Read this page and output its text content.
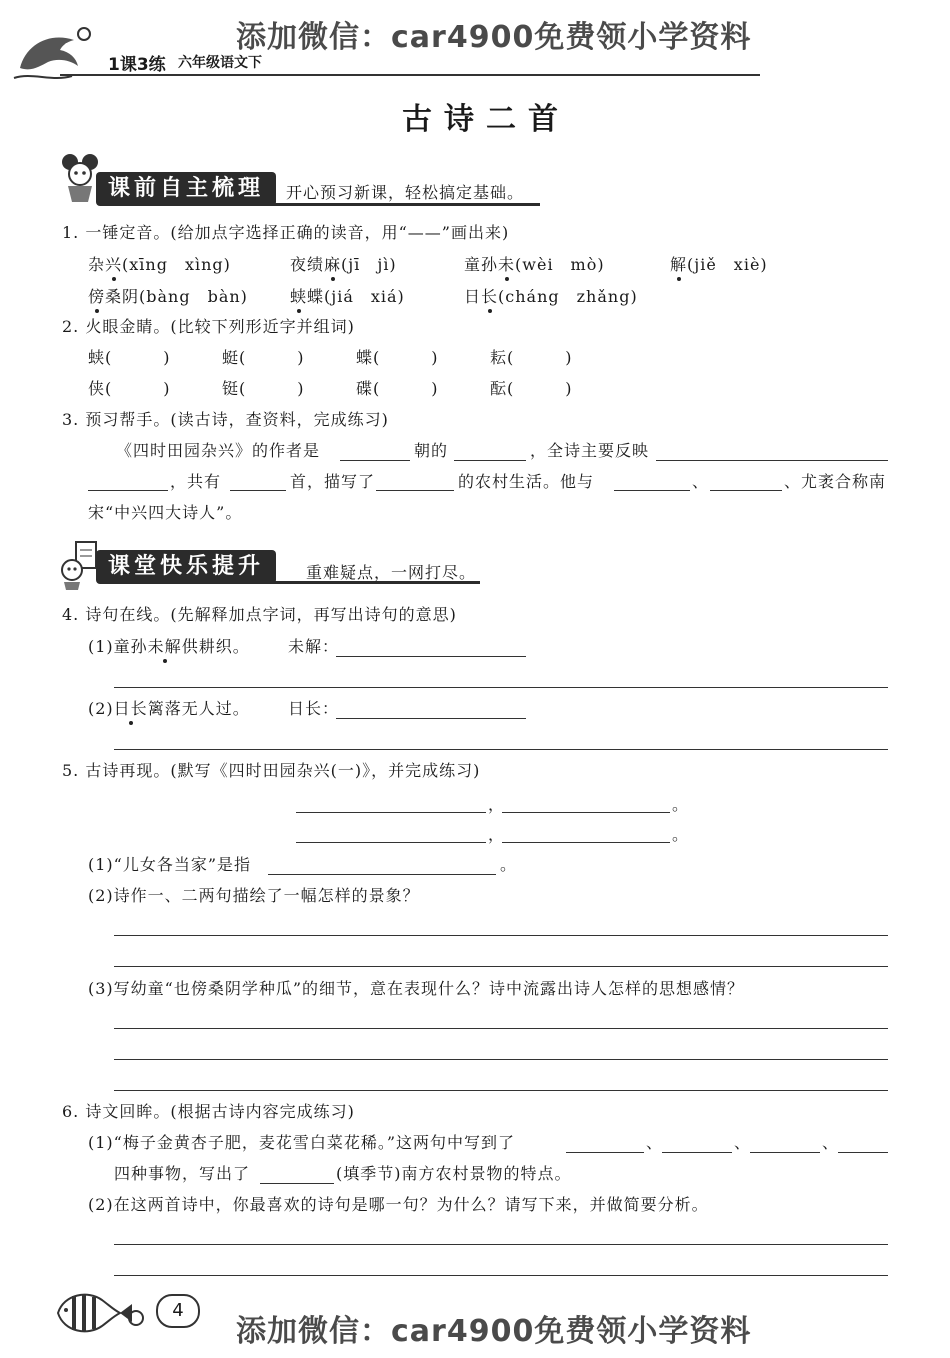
1课3练 六年级语文下
添加微信：car4900免费领小学资料
古诗二首
课前自主梳理	开心预习新课，轻松搞定基础。
1. 一锤定音。(给加点字选择正确的读音，用“——”画出来)
杂兴(xīng　xìng)	夜绩麻(jī　jì)	童孙未(wèi　mò)	解(jiě　xiè)
傍桑阴(bàng　bàn)	蛱蝶(jiá　xiá)	日长(cháng　zhǎng)
2. 火眼金睛。(比较下列形近字并组词)
蛱(　　　)	蜓(　　　)	蝶(　　　)	耘(　　　)
侠(　　　)	铤(　　　)	碟(　　　)	酝(　　　)
3. 预习帮手。(读古诗，查资料，完成练习)
《四时田园杂兴》的作者是	朝的	，全诗主要反映
，共有	首，描写了	的农村生活。他与	、	、尤袤合称南
宋“中兴四大诗人”。
课堂快乐提升	重难疑点，一网打尽。
4. 诗句在线。(先解释加点字词，再写出诗句的意思)
(1)童孙未解供耕织。 未解：
(2)日长篱落无人过。 日长：
5. 古诗再现。(默写《四时田园杂兴(一)》，并完成练习)
，	。
，	。
(1)“儿女各当家”是指	。
(2)诗作一、二两句描绘了一幅怎样的景象？
(3)写幼童“也傍桑阴学种瓜”的细节，意在表现什么？诗中流露出诗人怎样的思想感情？
6. 诗文回眸。(根据古诗内容完成练习)
(1)“梅子金黄杏子肥，麦花雪白菜花稀。”这两句中写到了	、	、	、
四种事物，写出了	(填季节)南方农村景物的特点。
(2)在这两首诗中，你最喜欢的诗句是哪一句？为什么？请写下来，并做简要分析。
4
添加微信：car4900免费领小学资料
